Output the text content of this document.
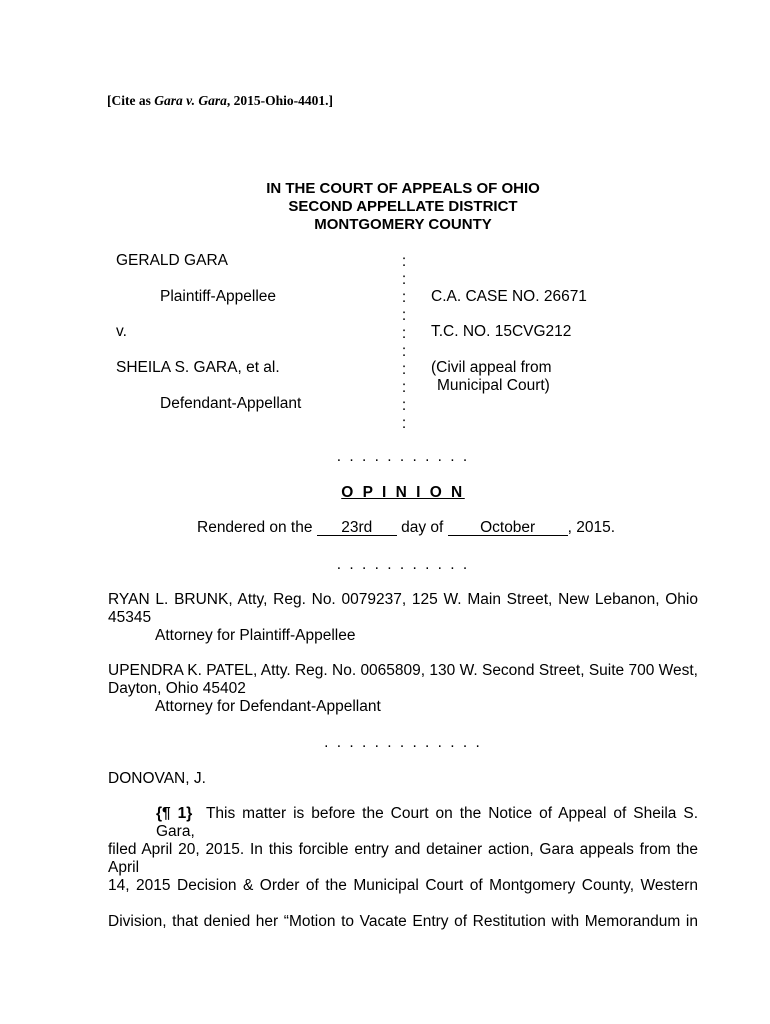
[Cite as Gara v. Gara, 2015-Ohio-4401.]
IN THE COURT OF APPEALS OF OHIO
SECOND APPELLATE DISTRICT
MONTGOMERY COUNTY
GERALD GARA
Plaintiff-Appellee
v.
SHEILA S. GARA, et al.
Defendant-Appellant
:
:
:
:
:
:
:
:
:
:
C.A. CASE NO. 26671
T.C. NO. 15CVG212
(Civil appeal from
Municipal Court)
. . . . . . . . . . .
O P I N I O N
Rendered on the 23rd day of October , 2015.
. . . . . . . . . . .
RYAN L. BRUNK, Atty, Reg. No. 0079237, 125 W. Main Street, New Lebanon, Ohio
45345
Attorney for Plaintiff-Appellee
UPENDRA K. PATEL, Atty. Reg. No. 0065809, 130 W. Second Street, Suite 700 West,
Dayton, Ohio 45402
Attorney for Defendant-Appellant
. . . . . . . . . . . . .
DONOVAN, J.
{¶ 1} This matter is before the Court on the Notice of Appeal of Sheila S. Gara,
filed April 20, 2015. In this forcible entry and detainer action, Gara appeals from the April
14, 2015 Decision & Order of the Municipal Court of Montgomery County, Western
Division, that denied her “Motion to Vacate Entry of Restitution with Memorandum in
